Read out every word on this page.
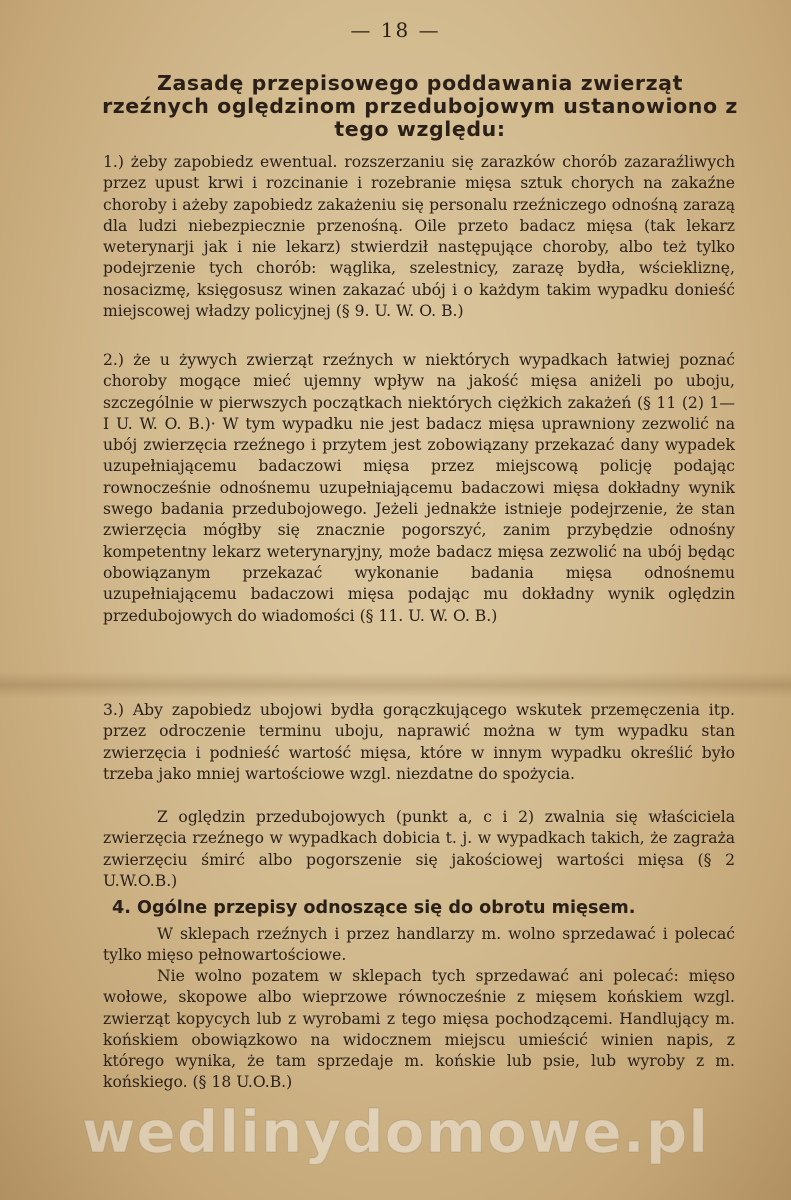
— 18 —
Zasadę przepisowego poddawania zwierząt rzeźnych oględzinom przedubojowym ustanowiono z tego względu:

1.) żeby zapobiedz ewentual. rozszerzaniu się zarazków chorób zazaraźliwych przez upust krwi i rozcinanie i rozebranie mięsa sztuk chorych na zakaźne choroby i ażeby zapobiedz zakażeniu się personalu rzeźniczego odnośną zarazą dla ludzi niebezpiecznie przenośną. Oile przeto badacz mięsa (tak lekarz weterynarji jak i nie lekarz) stwierdził następujące choroby, albo też tylko podejrzenie tych chorób: wąglika, szelestnicy, zarazę bydła, wściekliznę, nosacizmę, księgosusz winen zakazać ubój i o każdym takim wypadku donieść miejscowej władzy policyjnej (§ 9. U. W. O. B.)

2.) że u żywych zwierząt rzeźnych w niektórych wypadkach łatwiej poznać choroby mogące mieć ujemny wpływ na jakość mięsa aniżeli po uboju, szczególnie w pierwszych początkach niektórych ciężkich zakażeń (§ 11 (2) 1—I U. W. O. B.)· W tym wypadku nie jest badacz mięsa uprawniony zezwolić na ubój zwierzęcia rzeźnego i przytem jest zobowiązany przekazać dany wypadek uzupełniającemu badaczowi mięsa przez miejscową policję podając rownocześnie odnośnemu uzupełniającemu badaczowi mięsa dokładny wynik swego badania przedubojowego. Jeżeli jednakże istnieje podejrzenie, że stan zwierzęcia mógłby się znacznie pogorszyć, zanim przybędzie odnośny kompetentny lekarz weterynaryjny, może badacz mięsa zezwolić na ubój będąc obowiązanym przekazać wykonanie badania mięsa odnośnemu uzupełniającemu badaczowi mięsa podając mu dokładny wynik oględzin przedubojowych do wiadomości (§ 11. U. W. O. B.)

3.) Aby zapobiedz ubojowi bydła gorączkującego wskutek przemęczenia itp. przez odroczenie terminu uboju, naprawić można w tym wypadku stan zwierzęcia i podnieść wartość mięsa, które w innym wypadku określić było trzeba jako mniej wartościowe wzgl. niezdatne do spożycia.

Z oględzin przedubojowych (punkt a, c i 2) zwalnia się właściciela zwierzęcia rzeźnego w wypadkach dobicia t. j. w wypadkach takich, że zagraża zwierzęciu śmirć albo pogorszenie się jakościowej wartości mięsa (§ 2 U.W.O.B.)

4. Ogólne przepisy odnoszące się do obrotu mięsem.

W sklepach rzeźnych i przez handlarzy m. wolno sprzedawać i polecać tylko mięso pełnowartościowe.

Nie wolno pozatem w sklepach tych sprzedawać ani polecać: mięso wołowe, skopowe albo wieprzowe równocześnie z mięsem końskiem wzgl. zwierząt kopycych lub z wyrobami z tego mięsa pochodzącemi. Handlujący m. końskiem obowiązkowo na widocznem miejscu umieścić winien napis, z którego wynika, że tam sprzedaje m. końskie lub psie, lub wyroby z m. końskiego. (§ 18 U.O.B.)

wedlinydomowe.pl
